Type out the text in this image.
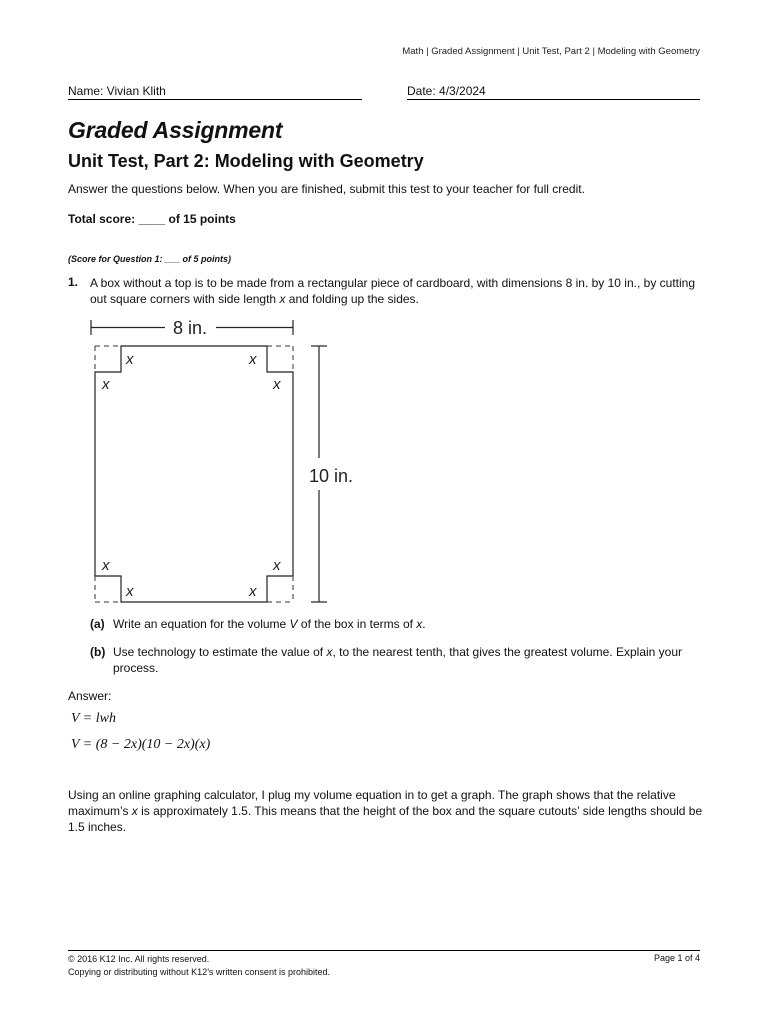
Math | Graded Assignment | Unit Test, Part 2 | Modeling with Geometry
Name: Vivian Klith	Date: 4/3/2024
Graded Assignment
Unit Test, Part 2: Modeling with Geometry
Answer the questions below. When you are finished, submit this test to your teacher for full credit.
Total score: ____ of 15 points
(Score for Question 1: ___ of 5 points)
1. A box without a top is to be made from a rectangular piece of cardboard, with dimensions 8 in. by 10 in., by cutting out square corners with side length x and folding up the sides.
8 in.
10 in.
x
x
x
x
x
x
x
x
(a) Write an equation for the volume V of the box in terms of x.
(b) Use technology to estimate the value of x, to the nearest tenth, that gives the greatest volume. Explain your process.
Answer:
V = lwh
V = (8 − 2x)(10 − 2x)(x)
Using an online graphing calculator, I plug my volume equation in to get a graph. The graph shows that the relative maximum’s x is approximately 1.5. This means that the height of the box and the square cutouts’ side lengths should be 1.5 inches.
© 2016 K12 Inc. All rights reserved.
Copying or distributing without K12’s written consent is prohibited.
Page 1 of 4
